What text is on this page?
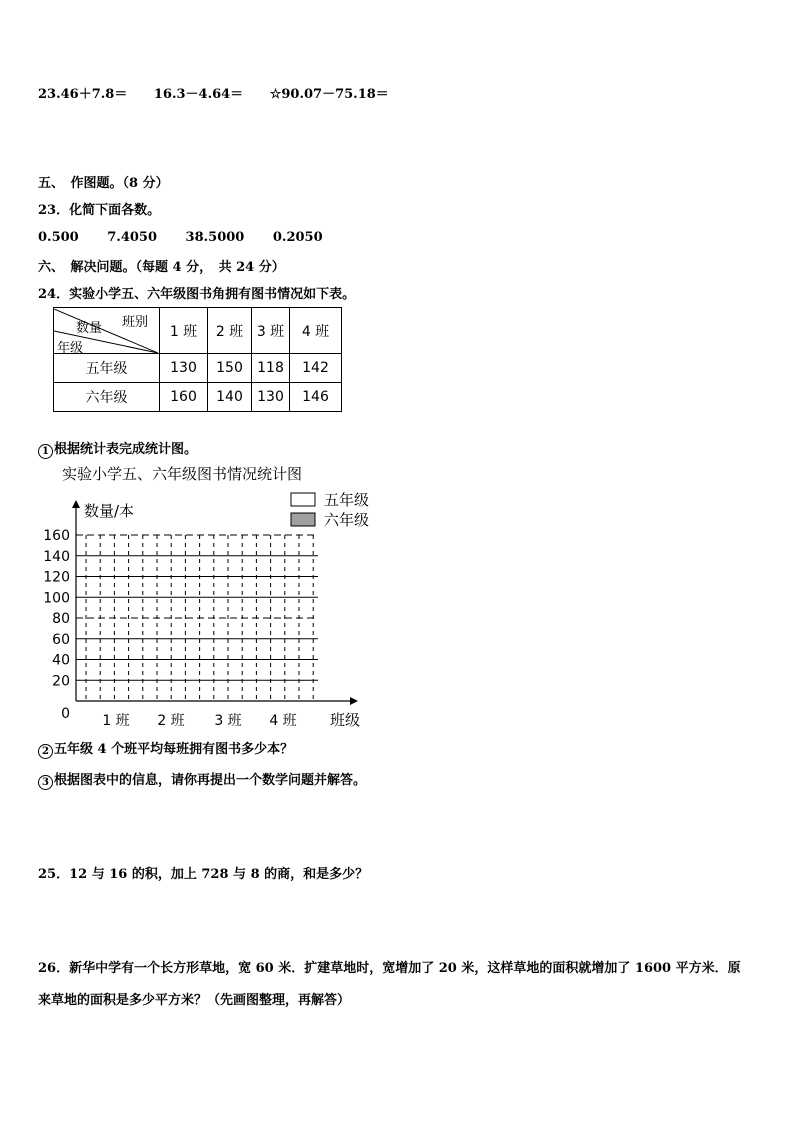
23.46＋7.8＝ 16.3－4.64＝ ☆90.07－75.18＝
五、　作图题。（8 分）
23．化简下面各数。
0.500 7.4050 38.5000 0.2050
六、　解决问题。（每题 4 分，　共 24 分）
24．实验小学五、六年级图书角拥有图书情况如下表。
班别
数量
年级	1 班	2 班	3 班	4 班
五年级	130	150	118	142
六年级	160	140	130	146
1 根据统计表完成统计图。
实验小学五、六年级图书情况统计图
0
20
40
60
80
100
120
140
160
数量/本
班级
1 班 2 班 3 班 4 班
五年级
六年级
2 五年级 4 个班平均每班拥有图书多少本？
3 根据图表中的信息，请你再提出一个数学问题并解答。
25．12 与 16 的积，加上 728 与 8 的商，和是多少？
26．新华中学有一个长方形草地，宽 60 米．扩建草地时，宽增加了 20 米，这样草地的面积就增加了 1600 平方米．原
来草地的面积是多少平方米？（先画图整理，再解答）
